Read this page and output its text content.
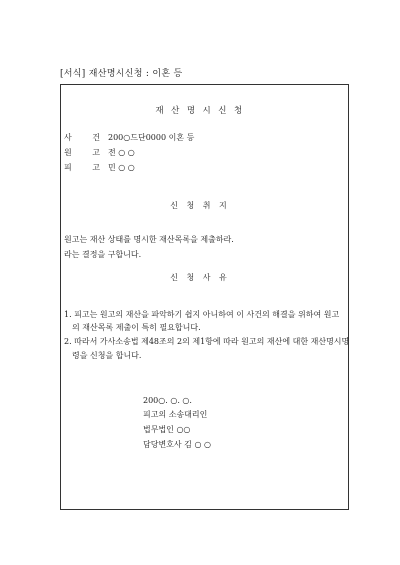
[서식] 재산명시신청 : 이혼 등
재 산 명 시 신 청
사 건200○드단0000 이혼 등
원 고전 ○ ○
피 고민 ○ ○
신 청 취 지
원고는 재산 상태를 명시한 재산목록을 제출하라.
라는 결정을 구합니다.
신 청 사 유
1. 피고는 원고의 재산을 파악하기 쉽지 아니하여 이 사건의 해결을 위하여 원고
의 재산목록 제출이 특히 필요합니다.
2. 따라서 가사소송법 제48조의 2의 제1항에 따라 원고의 재산에 대한 재산명시명
령을 신청을 합니다.
200○. ○. ○.
피고의 소송대리인
법무법인 ○○
담당변호사 김 ○ ○
